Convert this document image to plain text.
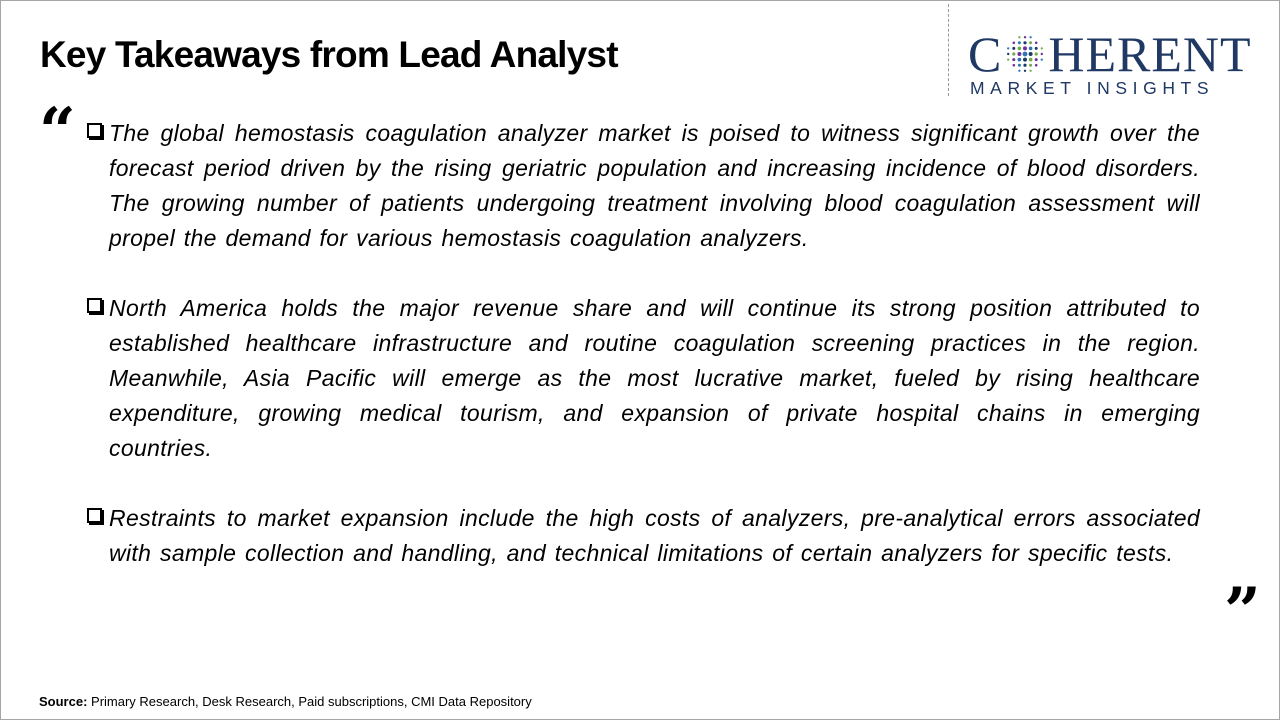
Key Takeaways from Lead Analyst	C HERENT
MARKET INSIGHTS
“
”
The global hemostasis coagulation analyzer market is poised to witness significant growth over the forecast period driven by the rising geriatric population and increasing incidence of blood disorders. The growing number of patients undergoing treatment involving blood coagulation assessment will propel the demand for various hemostasis coagulation analyzers.
North America holds the major revenue share and will continue its strong position attributed to established healthcare infrastructure and routine coagulation screening practices in the region. Meanwhile, Asia Pacific will emerge as the most lucrative market, fueled by rising healthcare expenditure, growing medical tourism, and expansion of private hospital chains in emerging countries.
Restraints to market expansion include the high costs of analyzers, pre-analytical errors associated with sample collection and handling, and technical limitations of certain analyzers for specific tests.
Source: Primary Research, Desk Research, Paid subscriptions, CMI Data Repository
